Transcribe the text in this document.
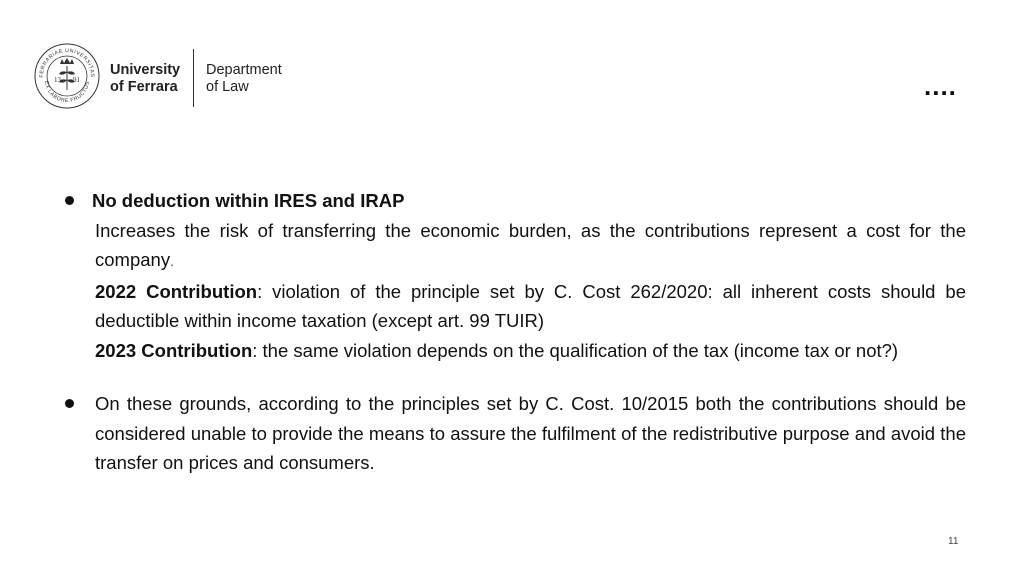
FERRARIAE UNIVERSITAS
EX LABORE FRUCTUS
13 91
University
of Ferrara
Department
of Law	....
No deduction within IRES and IRAP
Increases the risk of transferring the economic burden, as the contributions represent a cost for the company.
2022 Contribution: violation of the principle set by C. Cost 262/2020: all inherent costs should be deductible within income taxation (except art. 99 TUIR)
2023 Contribution: the same violation depends on the qualification of the tax (income tax or not?)
On these grounds, according to the principles set by C. Cost. 10/2015 both the contributions should be considered unable to provide the means to assure the fulfilment of the redistributive purpose and avoid the transfer on prices and consumers.
11
